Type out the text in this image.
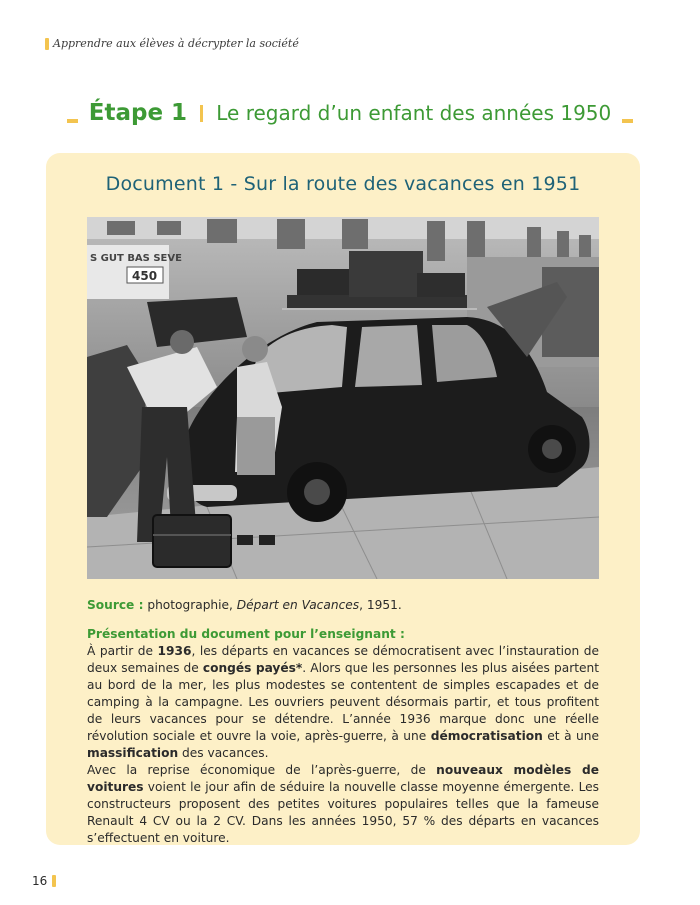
Apprendre aux élèves à décrypter la société
Étape 1 Le regard d’un enfant des années 1950
Document 1 - Sur la route des vacances en 1951
S GUT BAS SEVE
450

Source : photographie, Départ en Vacances, 1951.

Présentation du document pour l’enseignant :

À partir de 1936, les départs en vacances se démocratisent avec l’instauration de deux semaines de congés payés*. Alors que les personnes les plus aisées partent au bord de la mer, les plus modestes se contentent de simples escapades et de camping à la campagne. Les ouvriers peuvent désormais partir, et tous profitent de leurs vacances pour se détendre. L’année 1936 marque donc une réelle révolution sociale et ouvre la voie, après-guerre, à une démocratisation et à une massification des vacances.

Avec la reprise économique de l’après-guerre, de nouveaux modèles de voitures voient le jour afin de séduire la nouvelle classe moyenne émergente. Les constructeurs proposent des petites voitures populaires telles que la fameuse Renault 4 CV ou la 2 CV. Dans les années 1950, 57 % des départs en vacances s’effectuent en voiture.

16
